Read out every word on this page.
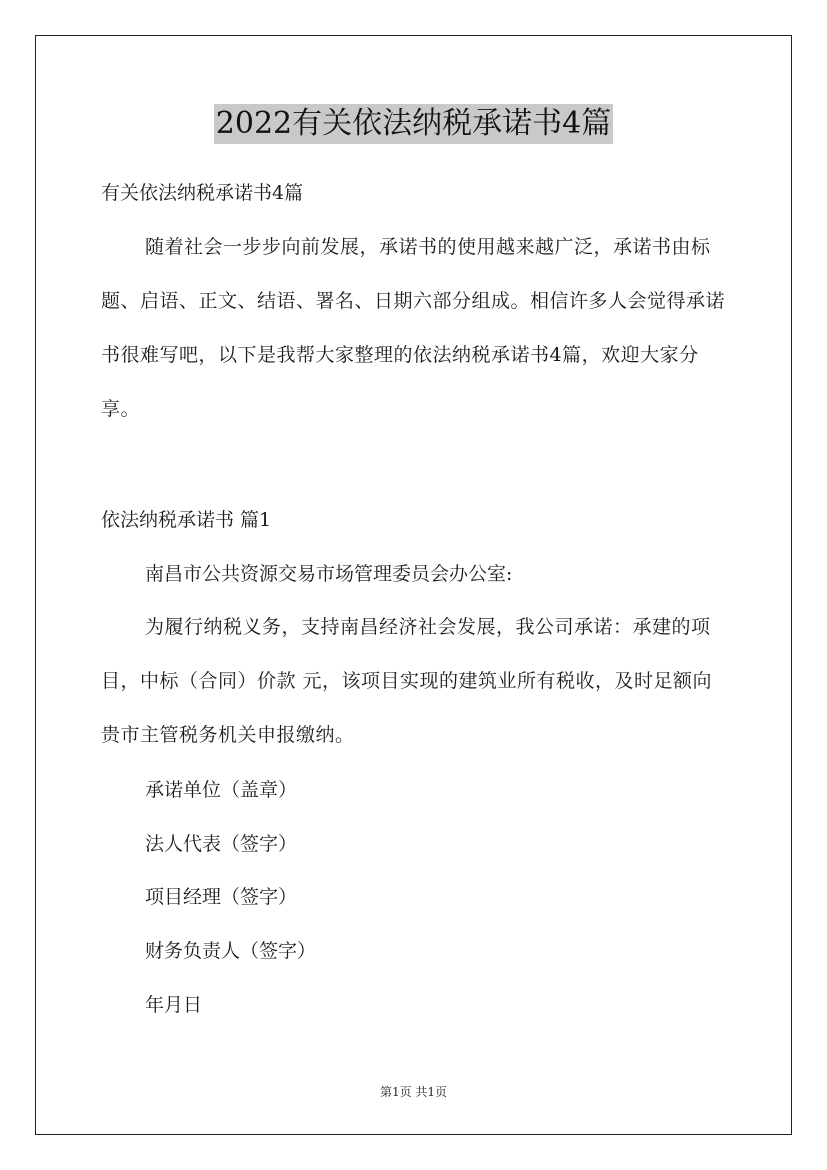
2022有关依法纳税承诺书4篇
有关依法纳税承诺书4篇
随着社会一步步向前发展，承诺书的使用越来越广泛，承诺书由标题、启语、正文、结语、署名、日期六部分组成。相信许多人会觉得承诺书很难写吧，以下是我帮大家整理的依法纳税承诺书4篇，欢迎大家分享。
依法纳税承诺书 篇1
南昌市公共资源交易市场管理委员会办公室:
为履行纳税义务，支持南昌经济社会发展，我公司承诺：承建的项目，中标（合同）价款 元，该项目实现的建筑业所有税收，及时足额向贵市主管税务机关申报缴纳。
承诺单位（盖章）
法人代表（签字）
项目经理（签字）
财务负责人（签字）
年月日
第1页 共1页
